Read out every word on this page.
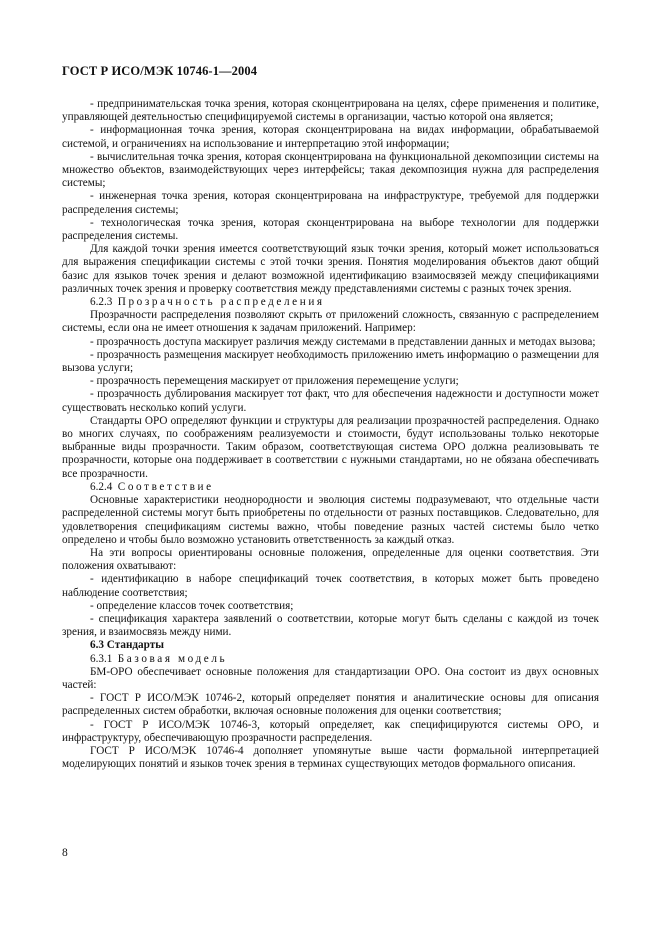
ГОСТ Р ИСО/МЭК 10746-1—2004

- предпринимательская точка зрения, которая сконцентрирована на целях, сфере применения и политике, управляющей деятельностью специфицируемой системы в организации, частью которой она является;

- информационная точка зрения, которая сконцентрирована на видах информации, обрабатываемой системой, и ограничениях на использование и интерпретацию этой информации;

- вычислительная точка зрения, которая сконцентрирована на функциональной декомпозиции системы на множество объектов, взаимодействующих через интерфейсы; такая декомпозиция нужна для распределения системы;

- инженерная точка зрения, которая сконцентрирована на инфраструктуре, требуемой для поддержки распределения системы;

- технологическая точка зрения, которая сконцентрирована на выборе технологии для поддержки распределения системы.

Для каждой точки зрения имеется соответствующий язык точки зрения, который может использоваться для выражения спецификации системы с этой точки зрения. Понятия моделирования объектов дают общий базис для языков точек зрения и делают возможной идентификацию взаимосвязей между спецификациями различных точек зрения и проверку соответствия между представлениями системы с разных точек зрения.

6.2.3 Прозрачность распределения

Прозрачности распределения позволяют скрыть от приложений сложность, связанную с распределением системы, если она не имеет отношения к задачам приложений. Например:

- прозрачность доступа маскирует различия между системами в представлении данных и методах вызова;

- прозрачность размещения маскирует необходимость приложению иметь информацию о размещении для вызова услуги;

- прозрачность перемещения маскирует от приложения перемещение услуги;

- прозрачность дублирования маскирует тот факт, что для обеспечения надежности и доступности может существовать несколько копий услуги.

Стандарты ОРО определяют функции и структуры для реализации прозрачностей распределения. Однако во многих случаях, по соображениям реализуемости и стоимости, будут использованы только некоторые выбранные виды прозрачности. Таким образом, соответствующая система ОРО должна реализовывать те прозрачности, которые она поддерживает в соответствии с нужными стандартами, но не обязана обеспечивать все прозрачности.

6.2.4 Соответствие

Основные характеристики неоднородности и эволюция системы подразумевают, что отдельные части распределенной системы могут быть приобретены по отдельности от разных поставщиков. Следовательно, для удовлетворения спецификациям системы важно, чтобы поведение разных частей системы было четко определено и чтобы было возможно установить ответственность за каждый отказ.

На эти вопросы ориентированы основные положения, определенные для оценки соответствия. Эти положения охватывают:

- идентификацию в наборе спецификаций точек соответствия, в которых может быть проведено наблюдение соответствия;

- определение классов точек соответствия;

- спецификация характера заявлений о соответствии, которые могут быть сделаны с каждой из точек зрения, и взаимосвязь между ними.

6.3 Стандарты

6.3.1 Базовая модель

БМ-ОРО обеспечивает основные положения для стандартизации ОРО. Она состоит из двух основных частей:

- ГОСТ Р ИСО/МЭК 10746-2, который определяет понятия и аналитические основы для описания распределенных систем обработки, включая основные положения для оценки соответствия;

- ГОСТ Р ИСО/МЭК 10746-3, который определяет, как специфицируются системы ОРО, и инфраструктуру, обеспечивающую прозрачности распределения.

ГОСТ Р ИСО/МЭК 10746-4 дополняет упомянутые выше части формальной интерпретацией моделирующих понятий и языков точек зрения в терминах существующих методов формального описания.

8
